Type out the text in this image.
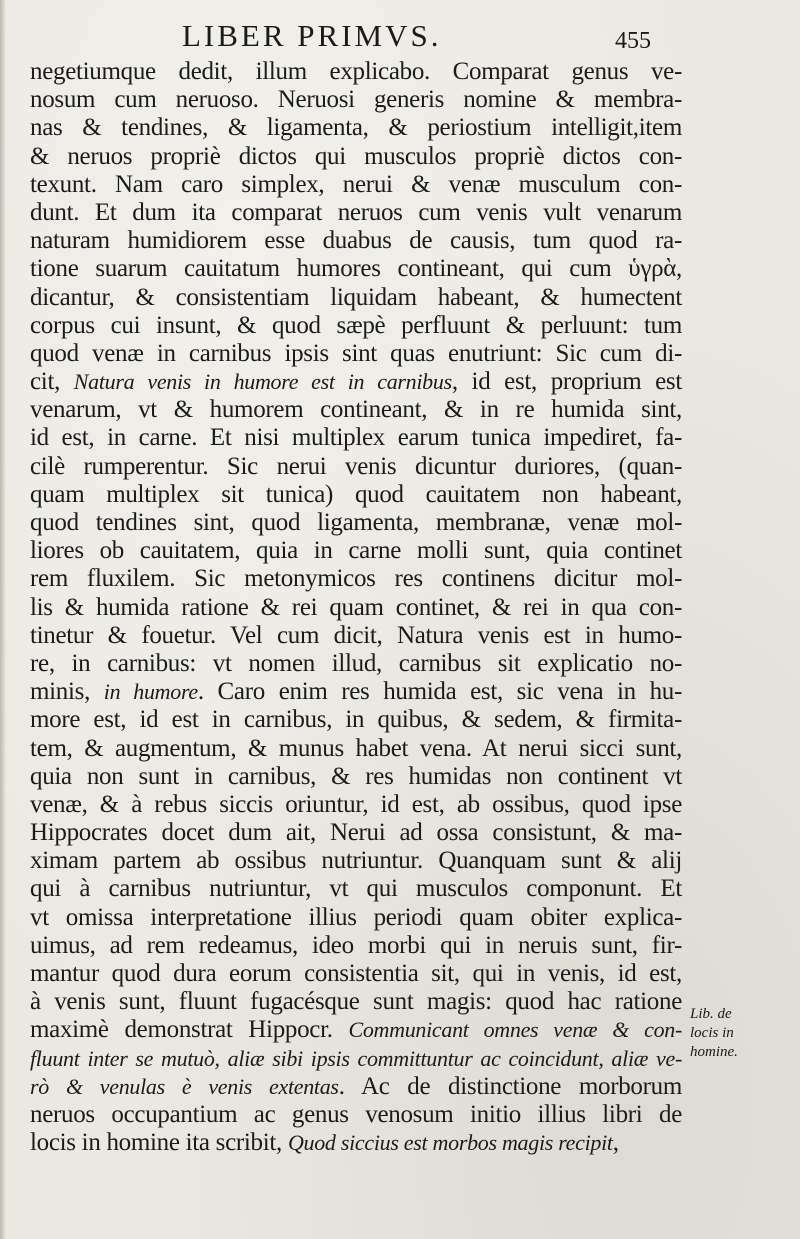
LIBER PRIMVS.	455
negetiumque dedit, illum explicabo. Comparat genus ve-
nosum cum neruoso. Neruosi generis nomine & membra-
nas & tendines, & ligamenta, & periostium intelligit,item
& neruos propriè dictos qui musculos propriè dictos con-
texunt. Nam caro simplex, nerui & venæ musculum con-
dunt. Et dum ita comparat neruos cum venis vult venarum
naturam humidiorem esse duabus de causis, tum quod ra-
tione suarum cauitatum humores contineant, qui cum ὑγρὰ,
dicantur, & consistentiam liquidam habeant, & humectent
corpus cui insunt, & quod sæpè perfluunt & perluunt: tum
quod venæ in carnibus ipsis sint quas enutriunt: Sic cum di-
cit, Natura venis in humore est in carnibus, id est, proprium est
venarum, vt & humorem contineant, & in re humida sint,
id est, in carne. Et nisi multiplex earum tunica impediret, fa-
cilè rumperentur. Sic nerui venis dicuntur duriores, (quan-
quam multiplex sit tunica) quod cauitatem non habeant,
quod tendines sint, quod ligamenta, membranæ, venæ mol-
liores ob cauitatem, quia in carne molli sunt, quia continet
rem fluxilem. Sic metonymicos res continens dicitur mol-
lis & humida ratione & rei quam continet, & rei in qua con-
tinetur & fouetur. Vel cum dicit, Natura venis est in humo-
re, in carnibus: vt nomen illud, carnibus sit explicatio no-
minis, in humore. Caro enim res humida est, sic vena in hu-
more est, id est in carnibus, in quibus, & sedem, & firmita-
tem, & augmentum, & munus habet vena. At nerui sicci sunt,
quia non sunt in carnibus, & res humidas non continent vt
venæ, & à rebus siccis oriuntur, id est, ab ossibus, quod ipse
Hippocrates docet dum ait, Nerui ad ossa consistunt, & ma-
ximam partem ab ossibus nutriuntur. Quanquam sunt & alij
qui à carnibus nutriuntur, vt qui musculos componunt. Et
vt omissa interpretatione illius periodi quam obiter explica-
uimus, ad rem redeamus, ideo morbi qui in neruis sunt, fir-
mantur quod dura eorum consistentia sit, qui in venis, id est,
à venis sunt, fluunt fugacésque sunt magis: quod hac ratione
maximè demonstrat Hippocr. Communicant omnes venæ & con-
fluunt inter se mutuò, aliæ sibi ipsis committuntur ac coincidunt, aliæ ve-
rò & venulas è venis extentas. Ac de distinctione morborum
neruos occupantium ac genus venosum initio illius libri de
locis in homine ita scribit, Quod siccius est morbos magis recipit,
Lib. de
locis in
homine.
